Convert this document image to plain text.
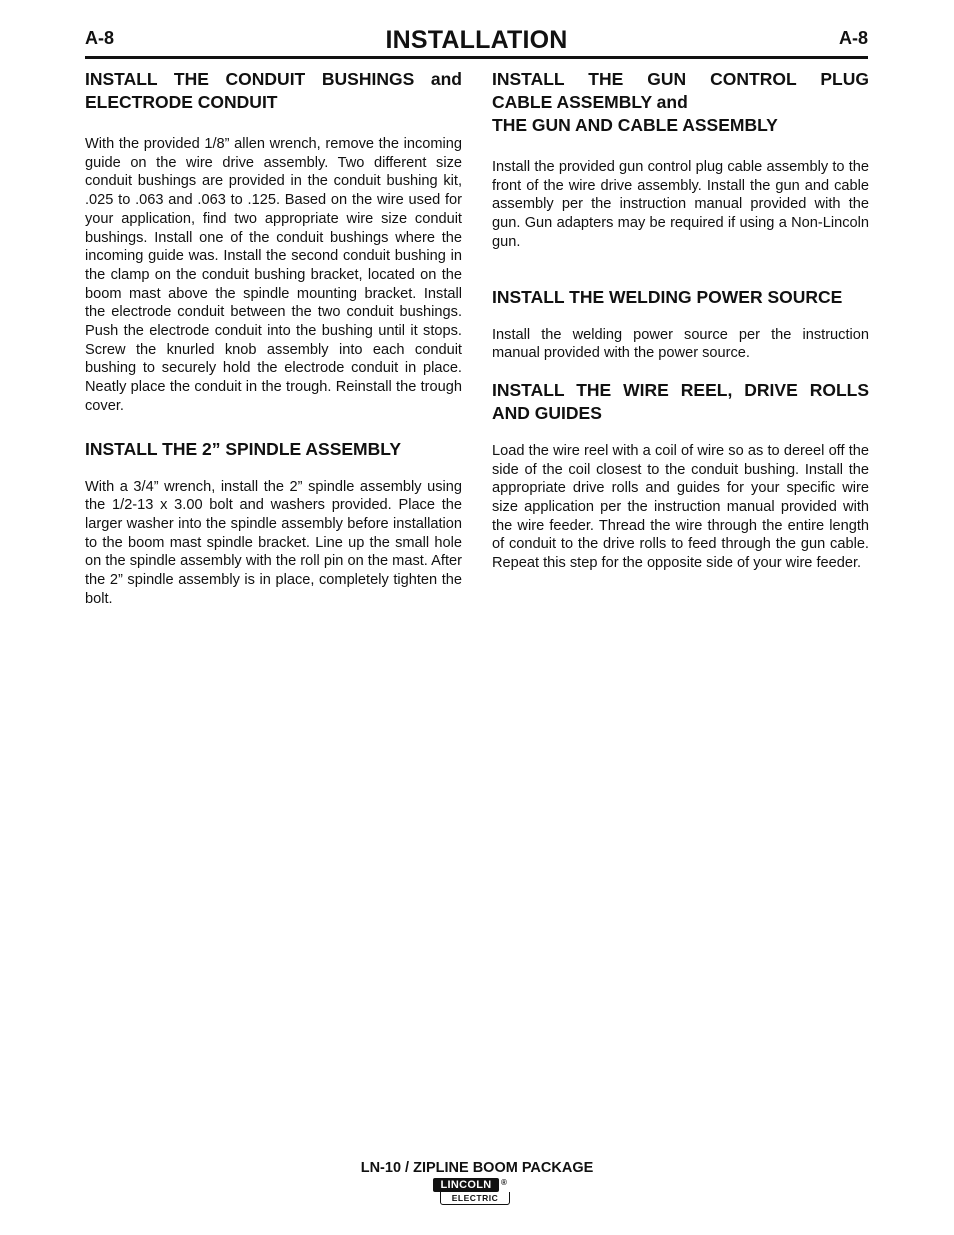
A-8	INSTALLATION	A-8
INSTALL THE CONDUIT BUSHINGS and
ELECTRODE CONDUIT

With the provided 1/8” allen wrench, remove the incoming guide on the wire drive assembly. Two different size conduit bushings are provided in the conduit bushing kit, .025 to .063 and .063 to .125. Based on the wire used for your application, find two appropriate wire size conduit bushings. Install one of the conduit bushings where the incoming guide was. Install the second conduit bushing in the clamp on the conduit bushing bracket, located on the boom mast above the spindle mounting bracket. Install the electrode conduit between the two conduit bushings. Push the electrode conduit into the bushing until it stops. Screw the knurled knob assembly into each conduit bushing to securely hold the electrode conduit in place. Neatly place the conduit in the trough. Reinstall the trough cover.

INSTALL THE 2” SPINDLE ASSEMBLY

With a 3/4” wrench, install the 2” spindle assembly using the 1/2-13 x 3.00 bolt and washers provided. Place the larger washer into the spindle assembly before installation to the boom mast spindle bracket. Line up the small hole on the spindle assembly with the roll pin on the mast. After the 2” spindle assembly is in place, completely tighten the bolt.

INSTALL THE GUN CONTROL PLUG
CABLE ASSEMBLY and
THE GUN AND CABLE ASSEMBLY

Install the provided gun control plug cable assembly to the front of the wire drive assembly. Install the gun and cable assembly per the instruction manual provided with the gun. Gun adapters may be required if using a Non-Lincoln gun.

INSTALL THE WELDING POWER SOURCE

Install the welding power source per the instruction manual provided with the power source.

INSTALL THE WIRE REEL, DRIVE ROLLS
AND GUIDES

Load the wire reel with a coil of wire so as to dereel off the side of the coil closest to the conduit bushing. Install the appropriate drive rolls and guides for your specific wire size application per the instruction manual provided with the wire feeder. Thread the wire through the entire length of conduit to the drive rolls to feed through the gun cable. Repeat this step for the opposite side of your wire feeder.

LN-10 / ZIPLINE BOOM PACKAGE
LINCOLN
ELECTRIC
®
